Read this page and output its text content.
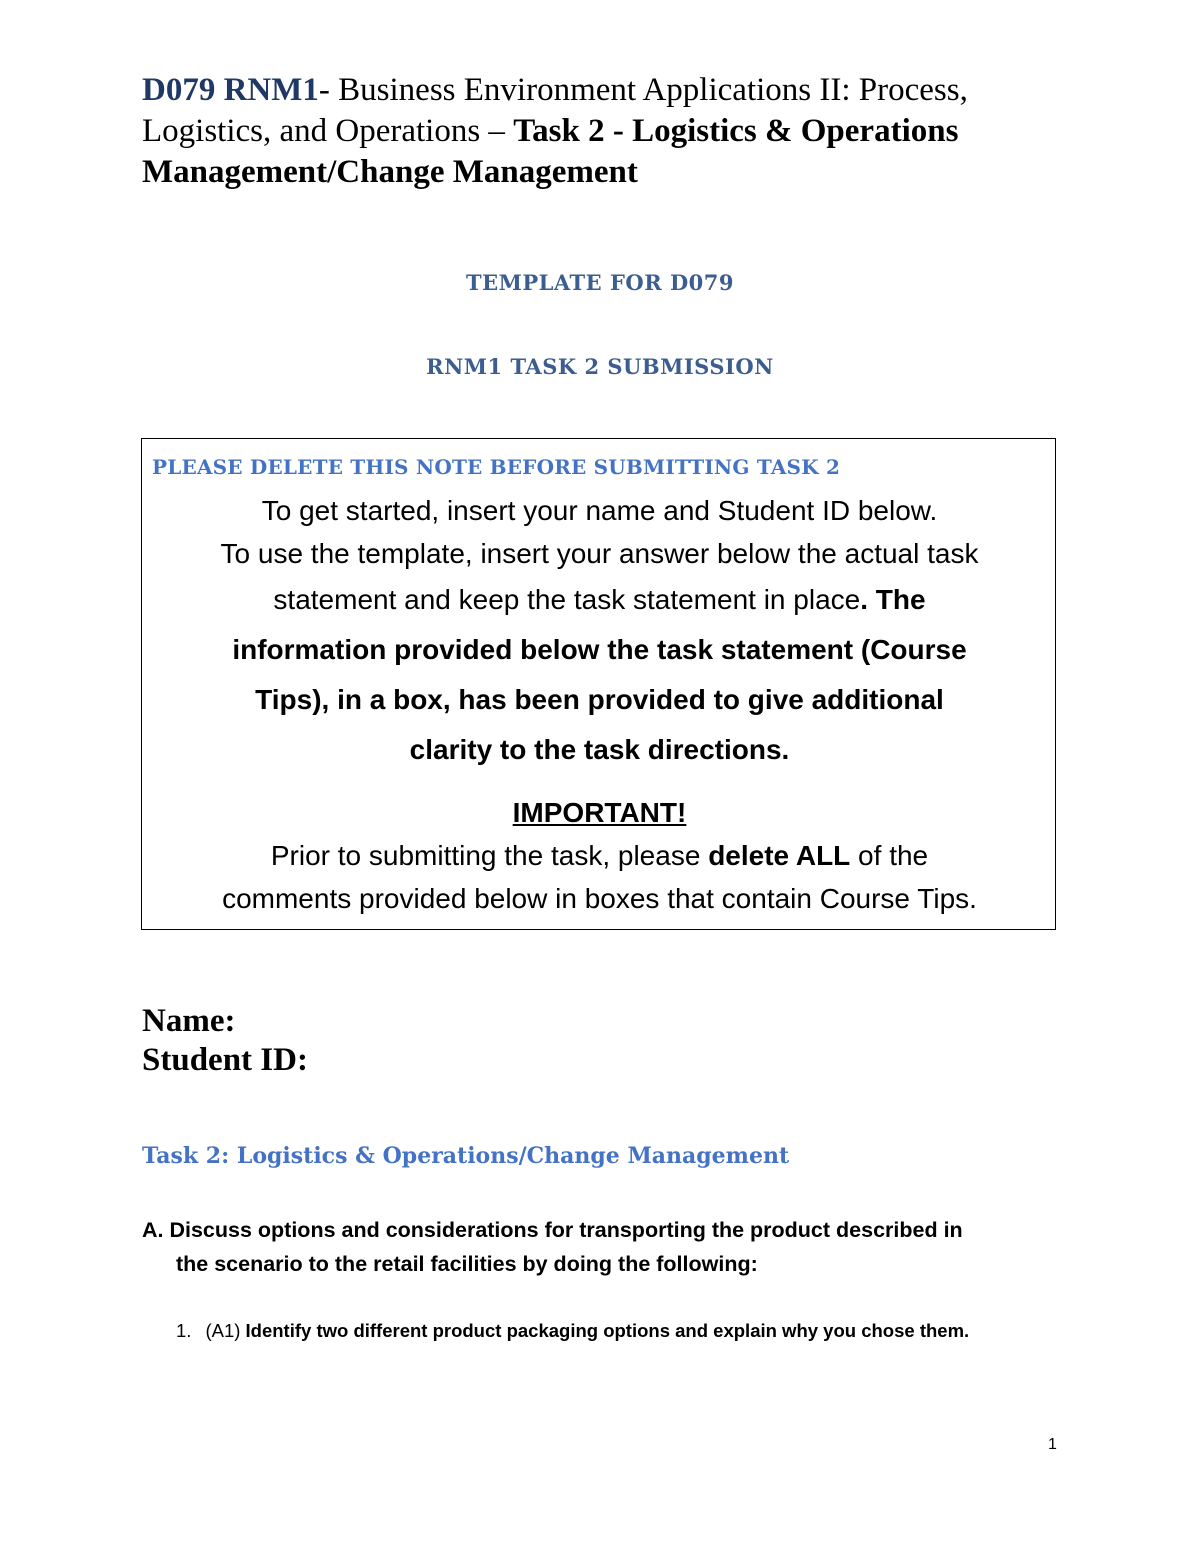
D079 RNM1- Business Environment Applications II: Process, Logistics, and Operations – Task 2 - Logistics & Operations Management/Change Management
TEMPLATE FOR D079
RNM1 TASK 2 SUBMISSION
PLEASE DELETE THIS NOTE BEFORE SUBMITTING TASK 2
To get started, insert your name and Student ID below.
To use the template, insert your answer below the actual task
statement and keep the task statement in place. The
information provided below the task statement (Course
Tips), in a box, has been provided to give additional
clarity to the task directions.
IMPORTANT!
Prior to submitting the task, please delete ALL of the
comments provided below in boxes that contain Course Tips.
Name:
Student ID:
Task 2: Logistics & Operations/Change Management
A. Discuss options and considerations for transporting the product described in
the scenario to the retail facilities by doing the following:
1. (A1) Identify two different product packaging options and explain why you chose them.
1
